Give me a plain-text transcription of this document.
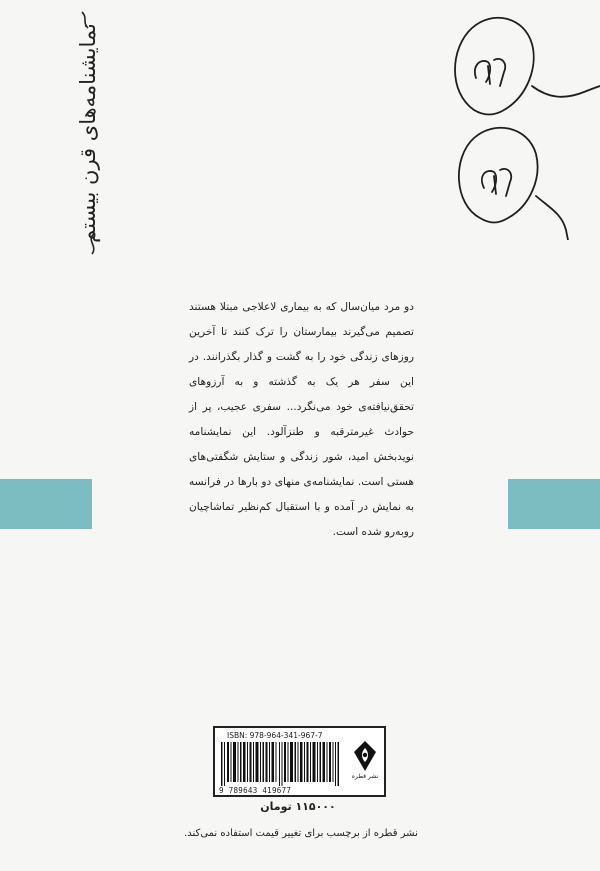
نمایشنامه‌های قرن بیستم
دو مرد میان‌سال که به بیماری لاعلاجی مبتلا هستند تصمیم می‌گیرند بیمارستان را ترک کنند تا آخرین روزهای زندگی خود را به گشت و گذار بگذرانند. در این سفر هر یک به گذشته و به آرزوهای تحقق‌نیافته‌ی خود می‌نگرد... سفری عجیب، پر از حوادث غیرمترقبه و طنزآلود. این نمایشنامه نویدبخش امید، شور زندگی و ستایش شگفتی‌های هستی است. نمایشنامه‌ی منهای دو بارها در فرانسه به نمایش در آمده و با استقبال کم‌نظیر تماشاچیان روبه‌رو شده است.
ISBN: 978-964-341-967-7
9 789643 419677
نشر قطره
۱۱۵۰۰۰ تومان
نشر قطره از برچسب برای تغییر قیمت استفاده نمی‌کند.
